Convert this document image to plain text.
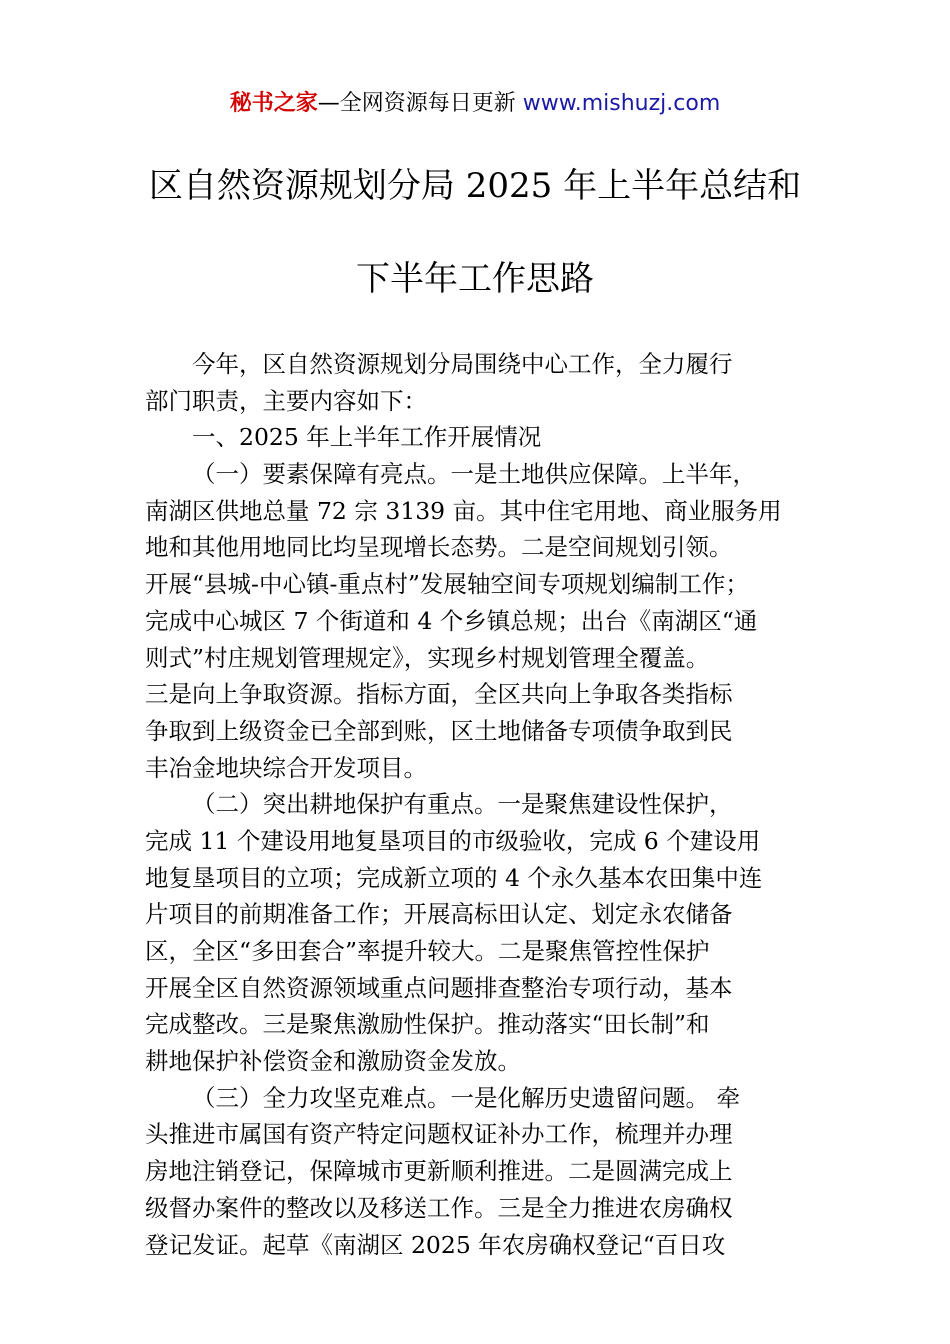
秘书之家—全网资源每日更新 www.mishuzj.com
区自然资源规划分局 2025 年上半年总结和
下半年工作思路
今年，区自然资源规划分局围绕中心工作，全力履行
部门职责，主要内容如下：
一、2025 年上半年工作开展情况
（一）要素保障有亮点。一是土地供应保障。上半年，
南湖区供地总量 72 宗 3139 亩。其中住宅用地、商业服务用
地和其他用地同比均呈现增长态势。二是空间规划引领。
开展“县城-中心镇-重点村”发展轴空间专项规划编制工作；
完成中心城区 7 个街道和 4 个乡镇总规；出台《南湖区“通
则式”村庄规划管理规定》，实现乡村规划管理全覆盖。
三是向上争取资源。指标方面，全区共向上争取各类指标
争取到上级资金已全部到账，区土地储备专项债争取到民
丰冶金地块综合开发项目。
（二）突出耕地保护有重点。一是聚焦建设性保护，
完成 11 个建设用地复垦项目的市级验收，完成 6 个建设用
地复垦项目的立项；完成新立项的 4 个永久基本农田集中连
片项目的前期准备工作；开展高标田认定、划定永农储备
区，全区“多田套合”率提升较大。二是聚焦管控性保护
开展全区自然资源领域重点问题排查整治专项行动，基本
完成整改。三是聚焦激励性保护。推动落实“田长制”和
耕地保护补偿资金和激励资金发放。
（三）全力攻坚克难点。一是化解历史遗留问题。 牵
头推进市属国有资产特定问题权证补办工作，梳理并办理
房地注销登记，保障城市更新顺利推进。二是圆满完成上
级督办案件的整改以及移送工作。三是全力推进农房确权
登记发证。起草《南湖区 2025 年农房确权登记“百日攻
